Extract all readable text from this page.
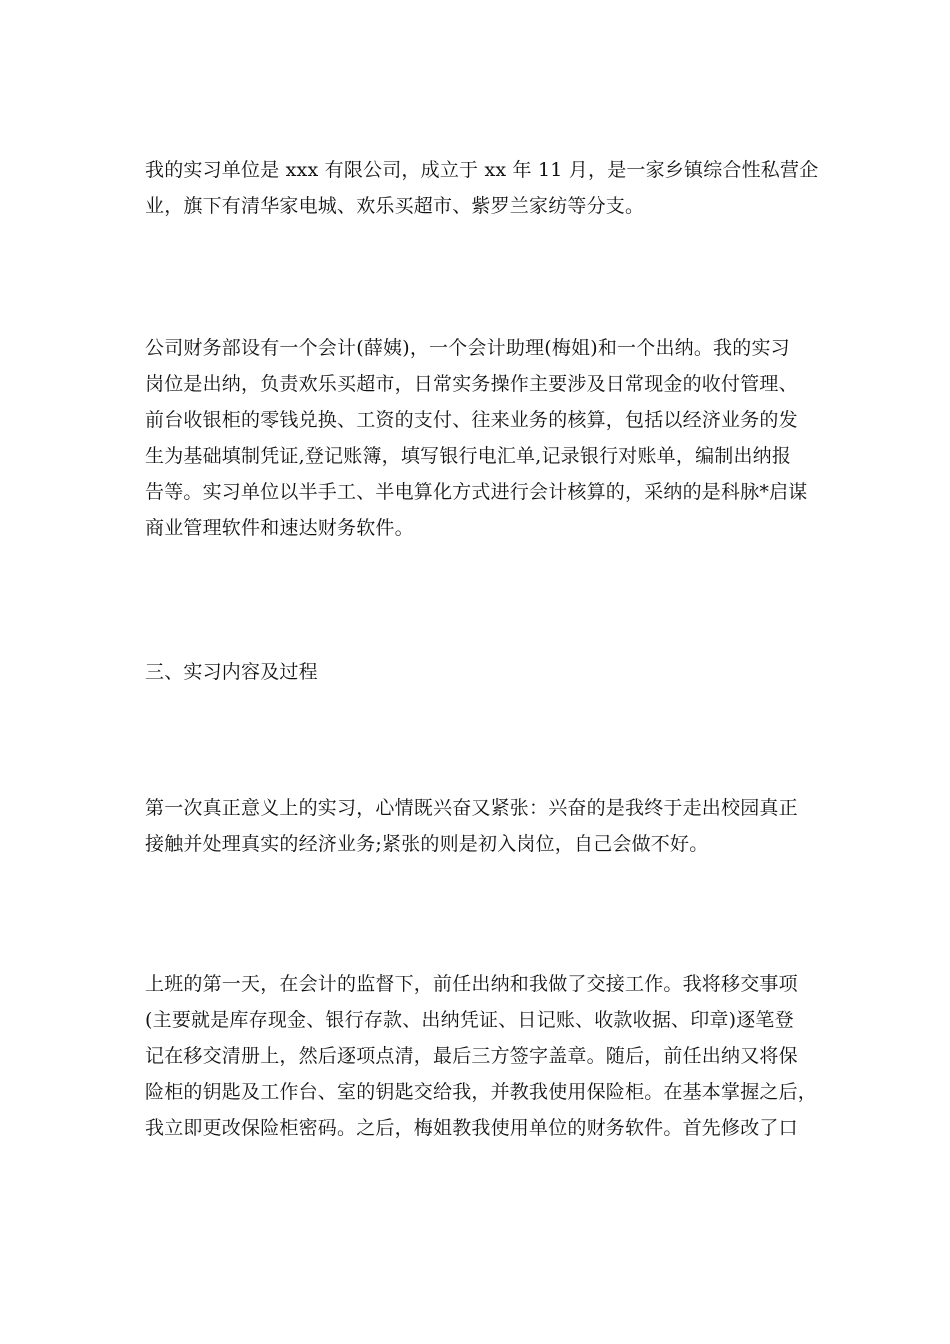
我的实习单位是 xxx 有限公司，成立于 xx 年 11 月，是一家乡镇综合性私营企
业，旗下有清华家电城、欢乐买超市、紫罗兰家纺等分支。

公司财务部设有一个会计(薛姨)，一个会计助理(梅姐)和一个出纳。我的实习
岗位是出纳，负责欢乐买超市，日常实务操作主要涉及日常现金的收付管理、
前台收银柜的零钱兑换、工资的支付、往来业务的核算，包括以经济业务的发
生为基础填制凭证,登记账簿，填写银行电汇单,记录银行对账单，编制出纳报
告等。实习单位以半手工、半电算化方式进行会计核算的，采纳的是科脉*启谋
商业管理软件和速达财务软件。

三、实习内容及过程

第一次真正意义上的实习，心情既兴奋又紧张：兴奋的是我终于走出校园真正
接触并处理真实的经济业务;紧张的则是初入岗位，自己会做不好。

上班的第一天，在会计的监督下，前任出纳和我做了交接工作。我将移交事项
(主要就是库存现金、银行存款、出纳凭证、日记账、收款收据、印章)逐笔登
记在移交清册上，然后逐项点清，最后三方签字盖章。随后，前任出纳又将保
险柜的钥匙及工作台、室的钥匙交给我，并教我使用保险柜。在基本掌握之后，
我立即更改保险柜密码。之后，梅姐教我使用单位的财务软件。首先修改了口
